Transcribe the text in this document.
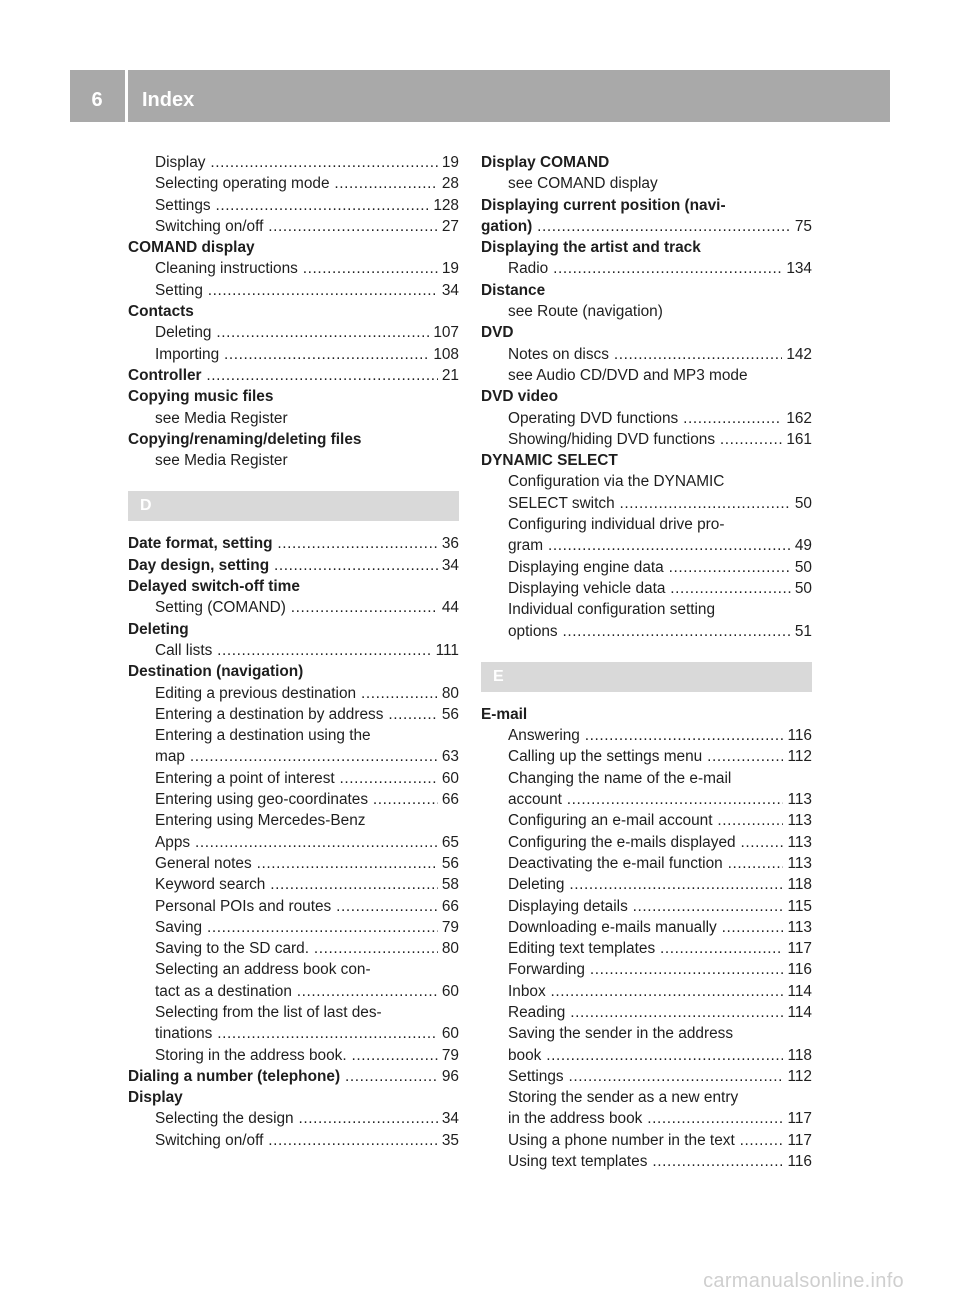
6	Index
Display .....	19
Selecting operating mode .....	28
Settings .....	128
Switching on/off .....	27
COMAND display
Cleaning instructions .....	19
Setting .....	34
Contacts
Deleting .....	107
Importing .....	108
Controller .....	21
Copying music files
see Media Register
Copying/renaming/deleting files
see Media Register
D
Date format, setting .....	36
Day design, setting .....	34
Delayed switch-off time
Setting (COMAND) .....	44
Deleting
Call lists .....	111
Destination (navigation)
Editing a previous destination .....	80
Entering a destination by address .....	56
Entering a destination using the
map .....	63
Entering a point of interest .....	60
Entering using geo-coordinates .....	66
Entering using Mercedes-Benz
Apps .....	65
General notes .....	56
Keyword search .....	58
Personal POIs and routes .....	66
Saving .....	79
Saving to the SD card. .....	80
Selecting an address book con-
tact as a destination .....	60
Selecting from the list of last des-
tinations .....	60
Storing in the address book. .....	79
Dialing a number (telephone) .....	96
Display
Selecting the design .....	34
Switching on/off .....	35
Display COMAND
see COMAND display
Displaying current position (navi-
gation) .....	75
Displaying the artist and track
Radio .....	134
Distance
see Route (navigation)
DVD
Notes on discs .....	142
see Audio CD/DVD and MP3 mode
DVD video
Operating DVD functions .....	162
Showing/hiding DVD functions .....	161
DYNAMIC SELECT
Configuration via the DYNAMIC
SELECT switch .....	50
Configuring individual drive pro-
gram .....	49
Displaying engine data .....	50
Displaying vehicle data .....	50
Individual configuration setting
options .....	51
E
E-mail
Answering .....	116
Calling up the settings menu .....	112
Changing the name of the e-mail
account .....	113
Configuring an e-mail account .....	113
Configuring the e-mails displayed .....	113
Deactivating the e-mail function .....	113
Deleting .....	118
Displaying details .....	115
Downloading e-mails manually .....	113
Editing text templates .....	117
Forwarding .....	116
Inbox .....	114
Reading .....	114
Saving the sender in the address
book .....	118
Settings .....	112
Storing the sender as a new entry
in the address book .....	117
Using a phone number in the text .....	117
Using text templates .....	116
carmanualsonline.info
